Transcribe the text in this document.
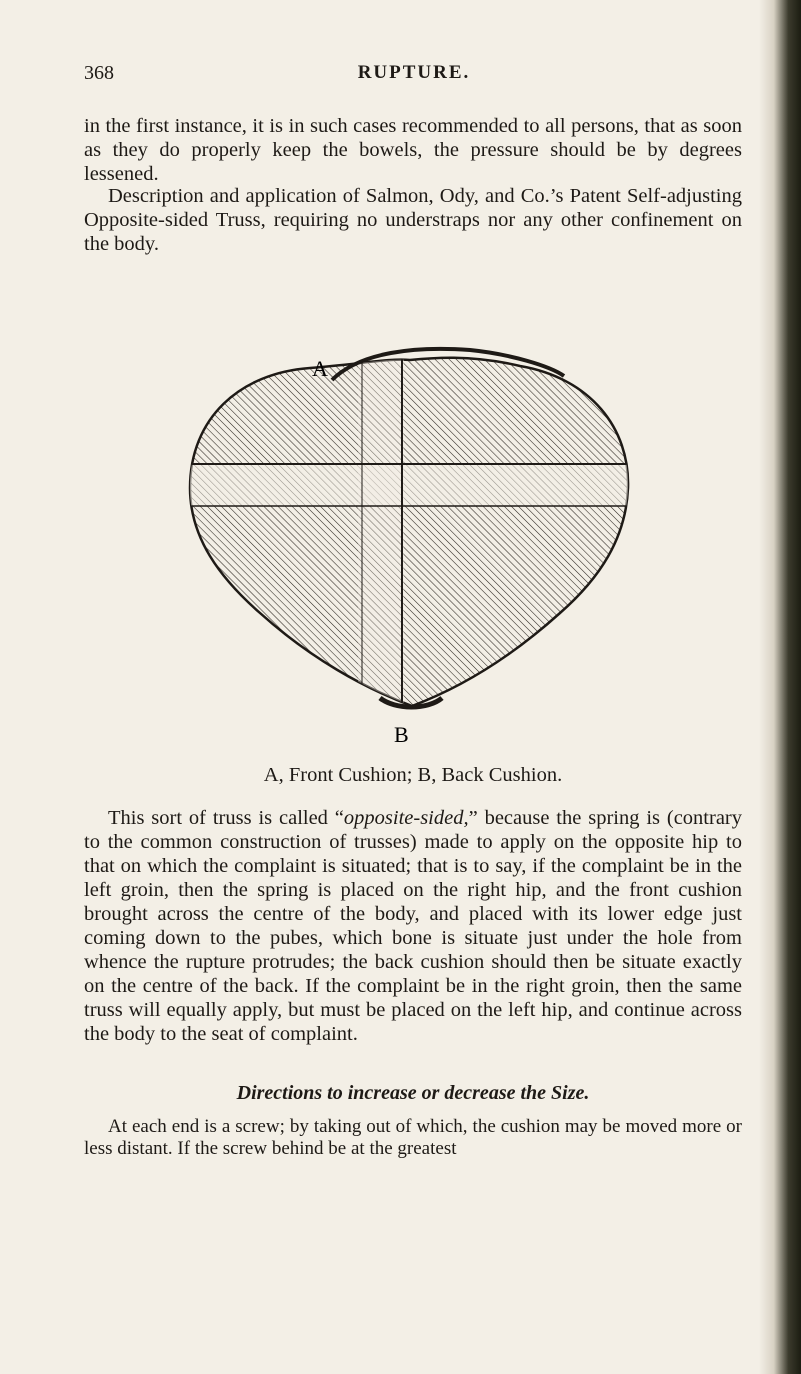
368	RUPTURE.

in the first instance, it is in such cases recommended to all persons, that as soon as they do properly keep the bowels, the pressure should be by degrees lessened.

Description and application of Salmon, Ody, and Co.’s Patent Self-adjusting Opposite-sided Truss, requiring no understraps nor any other confinement on the body.

A
B
A, Front Cushion; B, Back Cushion.

This sort of truss is called “opposite-sided,” because the spring is (contrary to the common construction of trusses) made to apply on the opposite hip to that on which the complaint is situated; that is to say, if the complaint be in the left groin, then the spring is placed on the right hip, and the front cushion brought across the centre of the body, and placed with its lower edge just coming down to the pubes, which bone is situate just under the hole from whence the rupture protrudes; the back cushion should then be situate exactly on the centre of the back. If the complaint be in the right groin, then the same truss will equally apply, but must be placed on the left hip, and continue across the body to the seat of complaint.

Directions to increase or decrease the Size.

At each end is a screw; by taking out of which, the cushion may be moved more or less distant. If the screw behind be at the greatest
